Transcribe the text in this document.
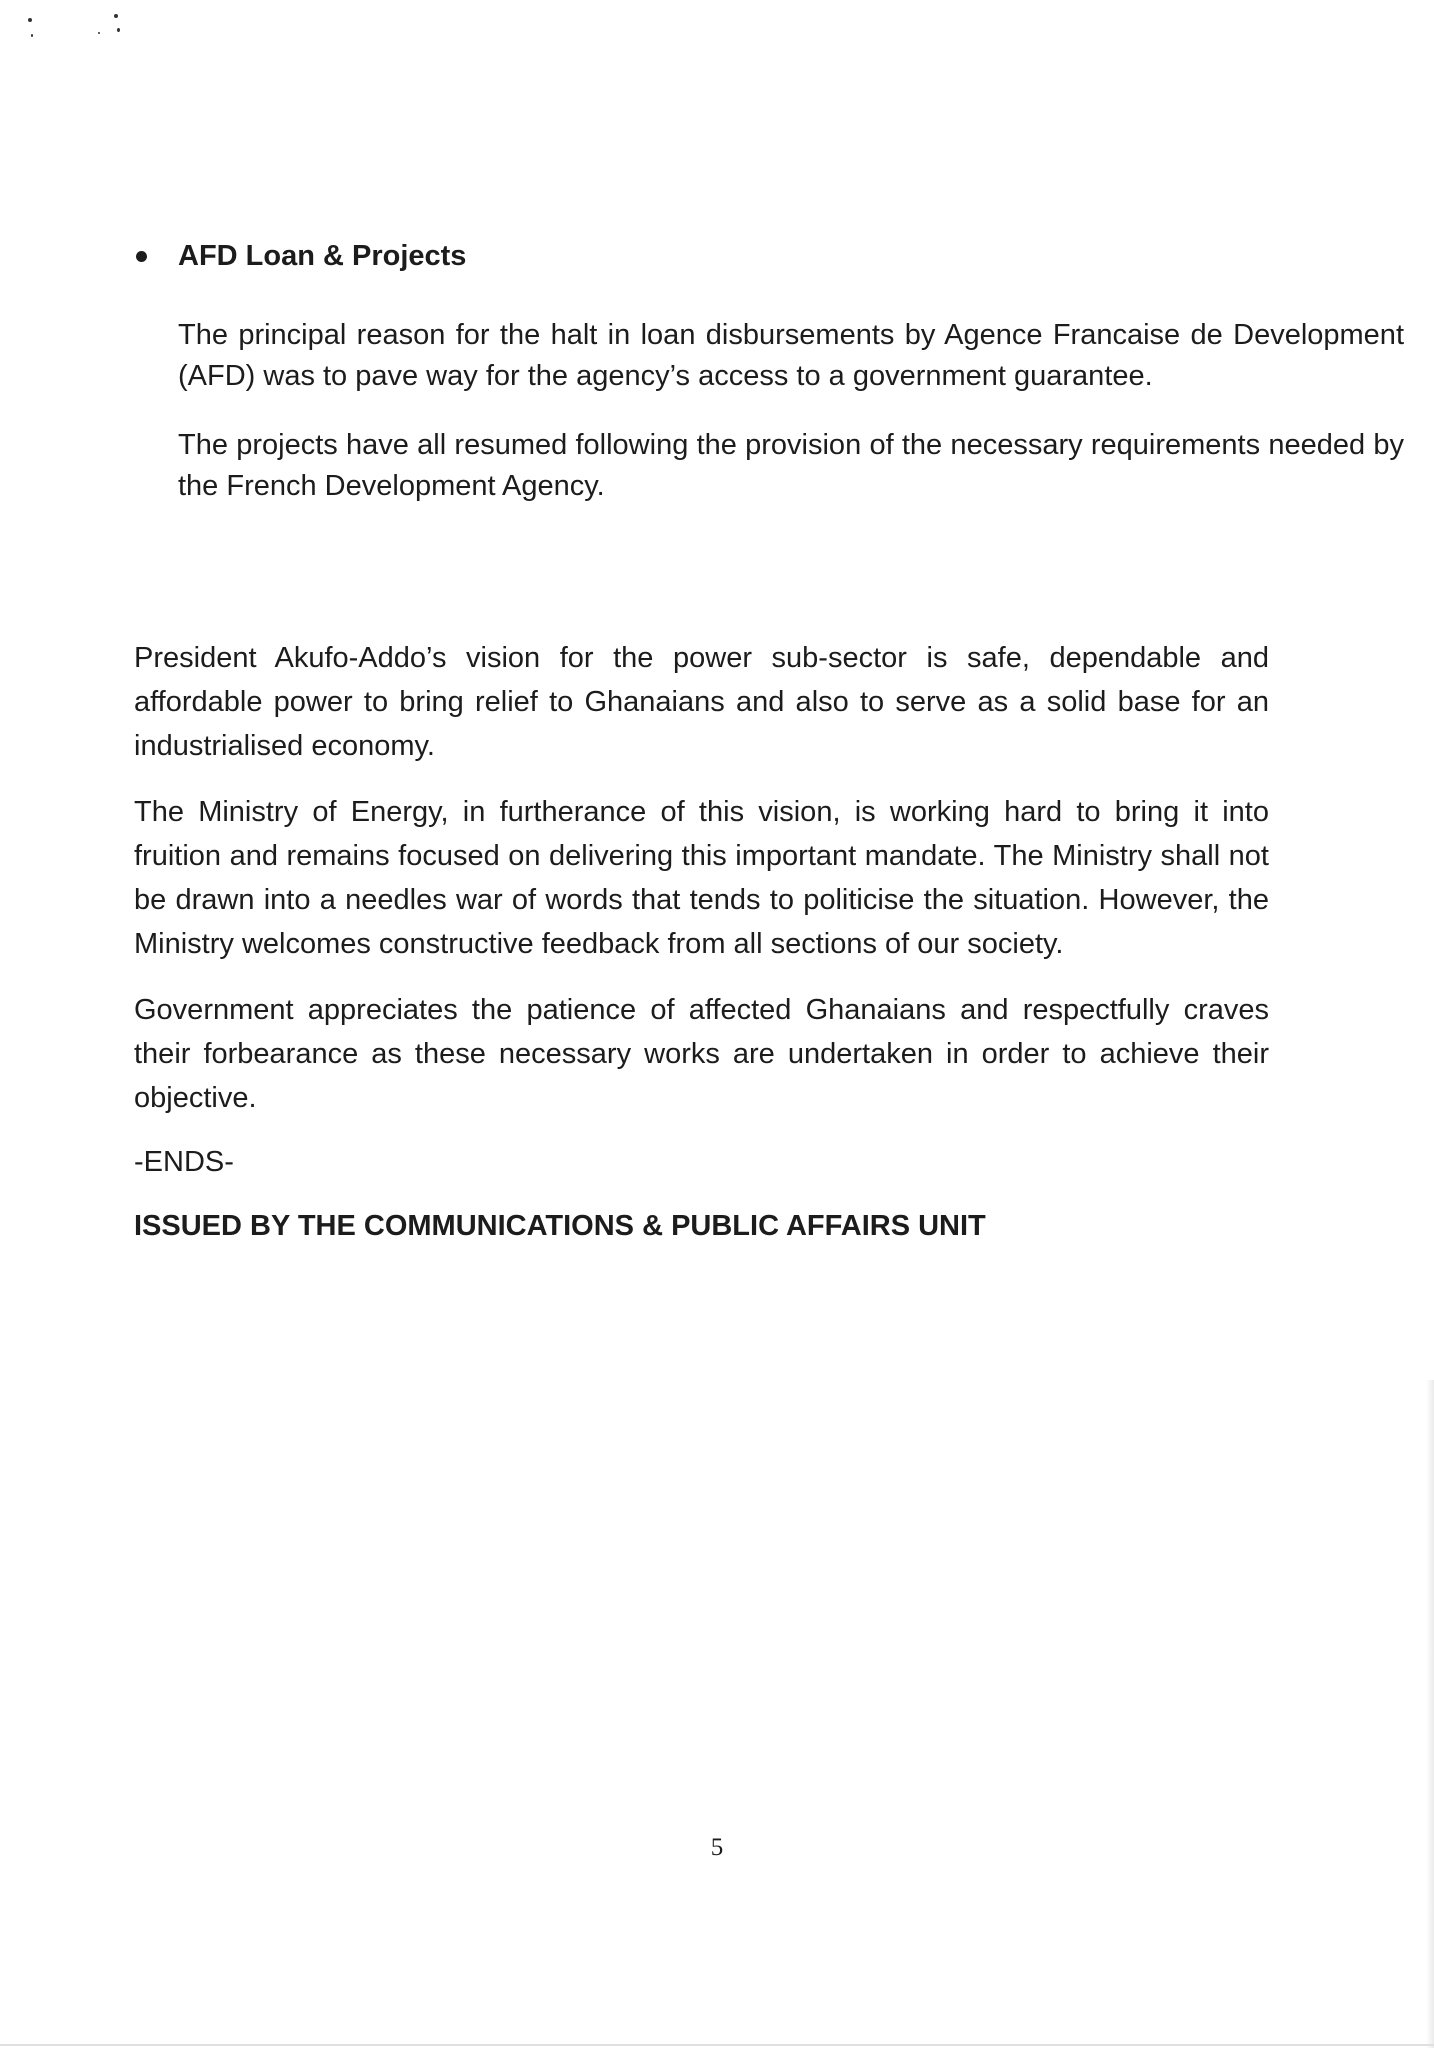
AFD Loan & Projects

The principal reason for the halt in loan disbursements by Agence Francaise de Development (AFD) was to pave way for the agency’s access to a government guarantee.

The projects have all resumed following the provision of the necessary requirements needed by the French Development Agency.

President Akufo-Addo’s vision for the power sub-sector is safe, dependable and affordable power to bring relief to Ghanaians and also to serve as a solid base for an industrialised economy.

The Ministry of Energy, in furtherance of this vision, is working hard to bring it into fruition and remains focused on delivering this important mandate. The Ministry shall not be drawn into a needles war of words that tends to politicise the situation. However, the Ministry welcomes constructive feedback from all sections of our society.

Government appreciates the patience of affected Ghanaians and respectfully craves their forbearance as these necessary works are undertaken in order to achieve their objective.

-ENDS-

ISSUED BY THE COMMUNICATIONS & PUBLIC AFFAIRS UNIT

5
